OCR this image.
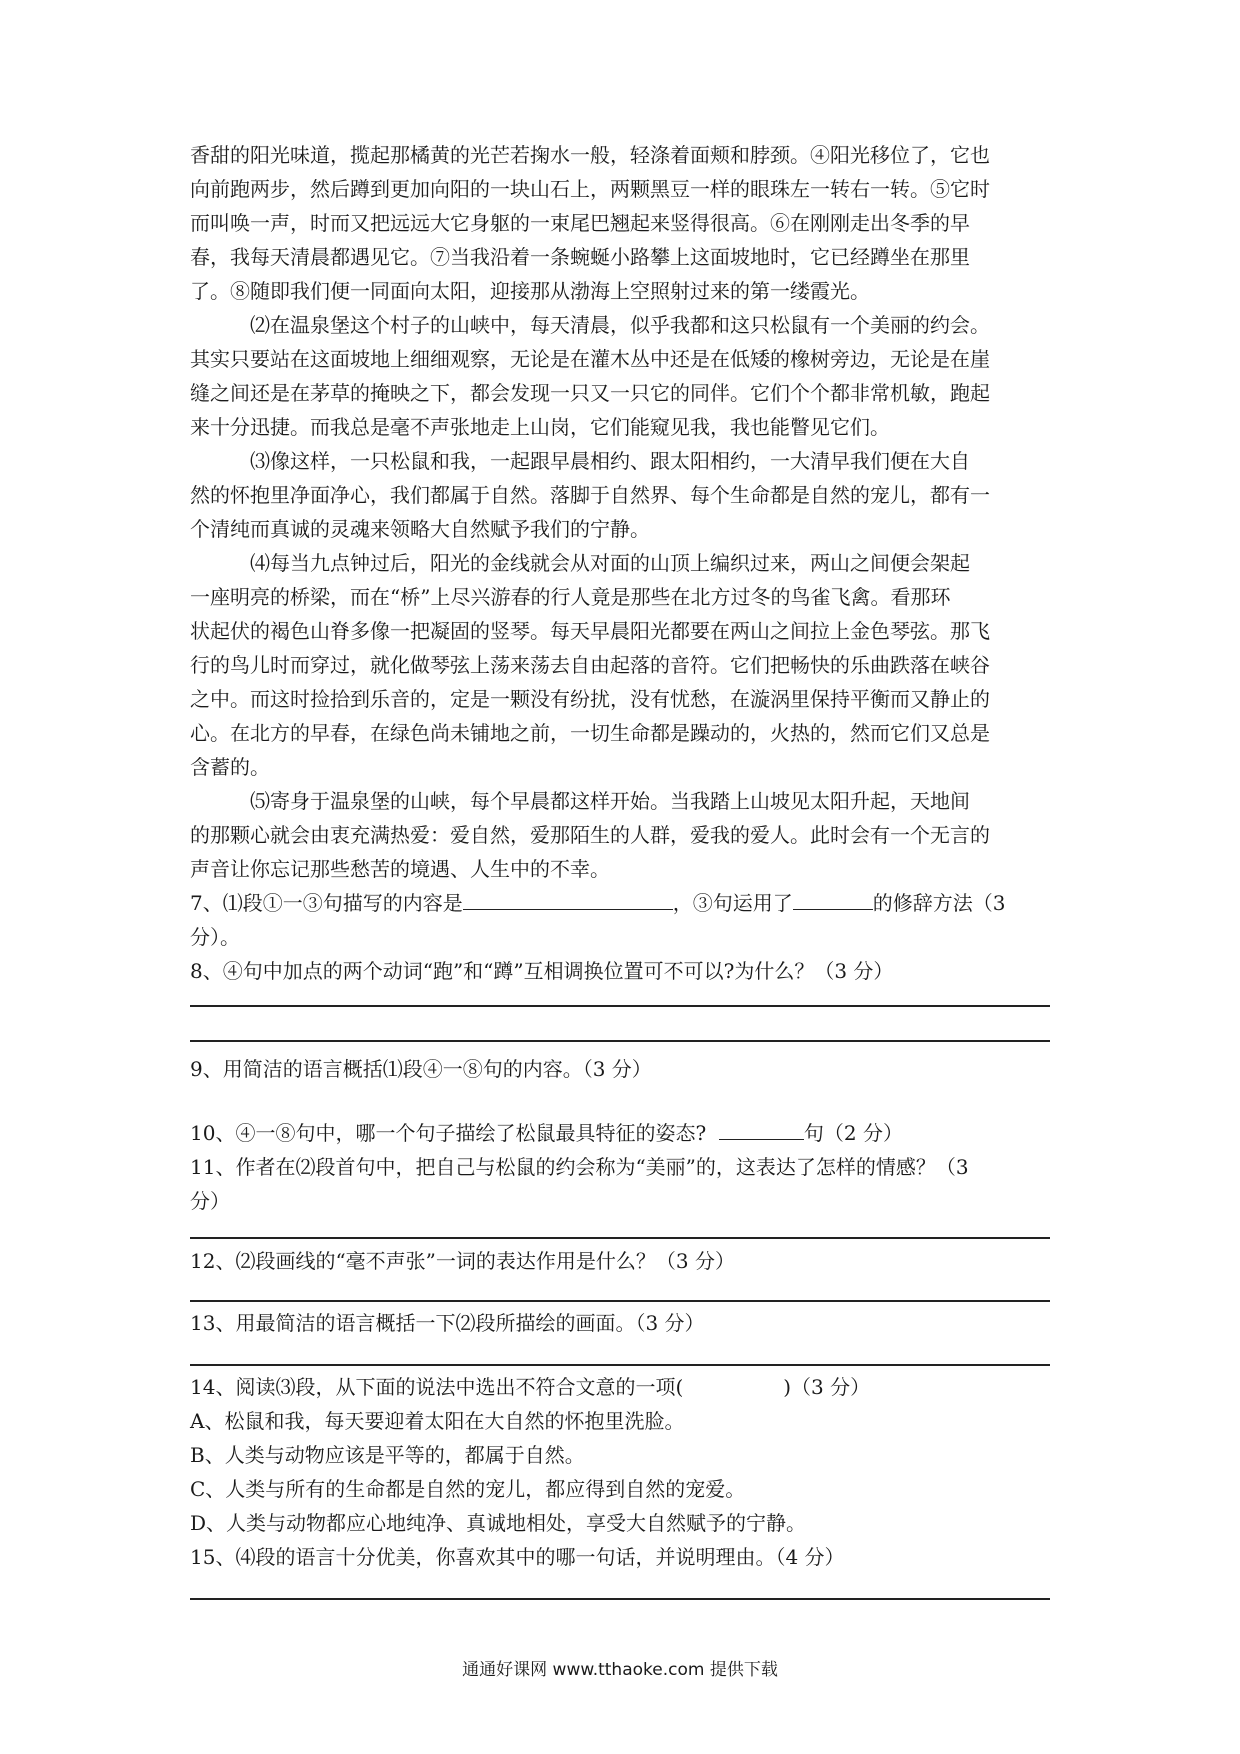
香甜的阳光味道，揽起那橘黄的光芒若掬水一般，轻涤着面颊和脖颈。④阳光移位了，它也
向前跑两步，然后蹲到更加向阳的一块山石上，两颗黑豆一样的眼珠左一转右一转。⑤它时
而叫唤一声，时而又把远远大它身躯的一束尾巴翘起来竖得很高。⑥在刚刚走出冬季的早
春，我每天清晨都遇见它。⑦当我沿着一条蜿蜒小路攀上这面坡地时，它已经蹲坐在那里
了。⑧随即我们便一同面向太阳，迎接那从渤海上空照射过来的第一缕霞光。
⑵在温泉堡这个村子的山峡中，每天清晨，似乎我都和这只松鼠有一个美丽的约会。
其实只要站在这面坡地上细细观察，无论是在灌木丛中还是在低矮的橡树旁边，无论是在崖
缝之间还是在茅草的掩映之下，都会发现一只又一只它的同伴。它们个个都非常机敏，跑起
来十分迅捷。而我总是毫不声张地走上山岗，它们能窥见我，我也能瞥见它们。
⑶像这样，一只松鼠和我，一起跟早晨相约、跟太阳相约，一大清早我们便在大自
然的怀抱里净面净心，我们都属于自然。落脚于自然界、每个生命都是自然的宠儿，都有一
个清纯而真诚的灵魂来领略大自然赋予我们的宁静。
⑷每当九点钟过后，阳光的金线就会从对面的山顶上编织过来，两山之间便会架起
一座明亮的桥梁，而在“桥”上尽兴游春的行人竟是那些在北方过冬的鸟雀飞禽。看那环
状起伏的褐色山脊多像一把凝固的竖琴。每天早晨阳光都要在两山之间拉上金色琴弦。那飞
行的鸟儿时而穿过，就化做琴弦上荡来荡去自由起落的音符。它们把畅快的乐曲跌落在峡谷
之中。而这时捡拾到乐音的，定是一颗没有纷扰，没有忧愁，在漩涡里保持平衡而又静止的
心。在北方的早春，在绿色尚未铺地之前，一切生命都是躁动的，火热的，然而它们又总是
含蓄的。
⑸寄身于温泉堡的山峡，每个早晨都这样开始。当我踏上山坡见太阳升起，天地间
的那颗心就会由衷充满热爱：爱自然，爱那陌生的人群，爱我的爱人。此时会有一个无言的
声音让你忘记那些愁苦的境遇、人生中的不幸。
7、⑴段①一③句描写的内容是	，③句运用了	的修辞方法（3
分）。
8、④句中加点的两个动词“跑”和“蹲”互相调换位置可不可以?为什么？（3 分）
9、用简洁的语言概括⑴段④一⑧句的内容。（3 分）
10、④一⑧句中，哪一个句子描绘了松鼠最具特征的姿态?	句（2 分）
11、作者在⑵段首句中，把自己与松鼠的约会称为“美丽”的，这表达了怎样的情感？（3
分）
12、⑵段画线的“毫不声张”一词的表达作用是什么？（3 分）
13、用最简洁的语言概括一下⑵段所描绘的画面。（3 分）
14、阅读⑶段，从下面的说法中选出不符合文意的一项(　　　　　)（3 分）
A、松鼠和我，每天要迎着太阳在大自然的怀抱里洗脸。
B、人类与动物应该是平等的，都属于自然。
C、人类与所有的生命都是自然的宠儿，都应得到自然的宠爱。
D、人类与动物都应心地纯净、真诚地相处，享受大自然赋予的宁静。
15、⑷段的语言十分优美，你喜欢其中的哪一句话，并说明理由。（4 分）
通通好课网 www.tthaoke.com 提供下载
